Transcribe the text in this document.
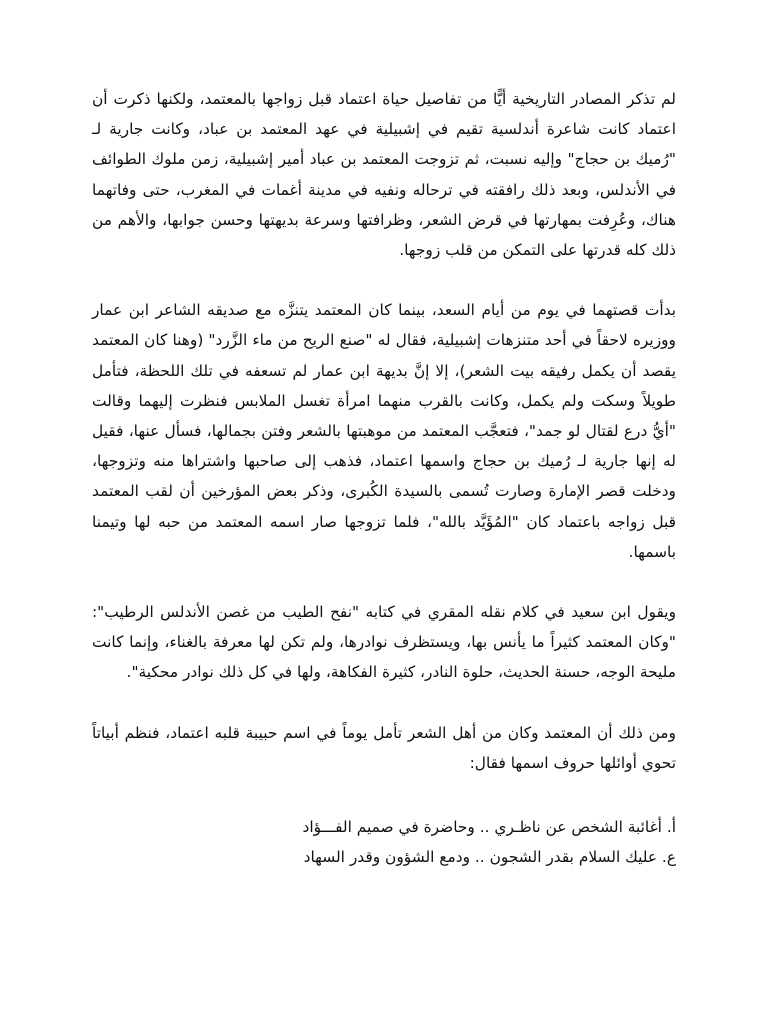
لم تذكر المصادر التاريخية أيًّا من تفاصيل حياة اعتماد قبل زواجها بالمعتمد، ولكنها ذكرت أن اعتماد كانت شاعرة أندلسية تقيم في إشبيلية في عهد المعتمد بن عباد، وكانت جارية لـ "رُميك بن حجاج" وإليه نسبت، ثم تزوجت المعتمد بن عباد أمير إشبيلية، زمن ملوك الطوائف في الأندلس، وبعد ذلك رافقته في ترحاله ونفيه في مدينة أغمات في المغرب، حتى وفاتهما هناك، وعُرِفت بمهارتها في قرض الشعر، وظرافتها وسرعة بديهتها وحسن جوابها، والأهم من ذلك كله قدرتها على التمكن من قلب زوجها.

بدأت قصتهما في يوم من أيام السعد، بينما كان المعتمد يتنزَّه مع صديقه الشاعر ابن عمار ووزيره لاحقاً في أحد متنزهات إشبيلية، فقال له "صنع الريح من ماء الزَّرد" (وهنا كان المعتمد يقصد أن يكمل رفيقه بيت الشعر)، إلا إنَّ بديهة ابن عمار لم تسعفه في تلك اللحظة، فتأمل طويلاً وسكت ولم يكمل، وكانت بالقرب منهما امرأة تغسل الملابس فنظرت إليهما وقالت "أيُّ درع لقتال لو جمد"، فتعجَّب المعتمد من موهبتها بالشعر وفتن بجمالها، فسأل عنها، فقيل له إنها جارية لـ رُميك بن حجاج واسمها اعتماد، فذهب إلى صاحبها واشتراها منه وتزوجها، ودخلت قصر الإمارة وصارت تُسمى بالسيدة الكُبرى، وذكر بعض المؤرخين أن لقب المعتمد قبل زواجه باعتماد كان "المُؤَيَّد بالله"، فلما تزوجها صار اسمه المعتمد من حبه لها وتيمنا باسمها.

ويقول ابن سعيد في كلام نقله المقري في كتابه "نفح الطيب من غصن الأندلس الرطيب": "وكان المعتمد كثيراً ما يأنس بها، ويستظرف نوادرها، ولم تكن لها معرفة بالغناء، وإنما كانت مليحة الوجه، حسنة الحديث، حلوة النادر، كثيرة الفكاهة، ولها في كل ذلك نوادر محكية".

ومن ذلك أن المعتمد وكان من أهل الشعر تأمل يوماً في اسم حبيبة قلبه اعتماد، فنظم أبياتاً تحوي أوائلها حروف اسمها فقال:

أ. أغائبة الشخص عن ناظـري .. وحاضرة في صميم الفـــؤاد
ع. عليك السلام بقدر الشجون .. ودمع الشؤون وقدر السهاد
